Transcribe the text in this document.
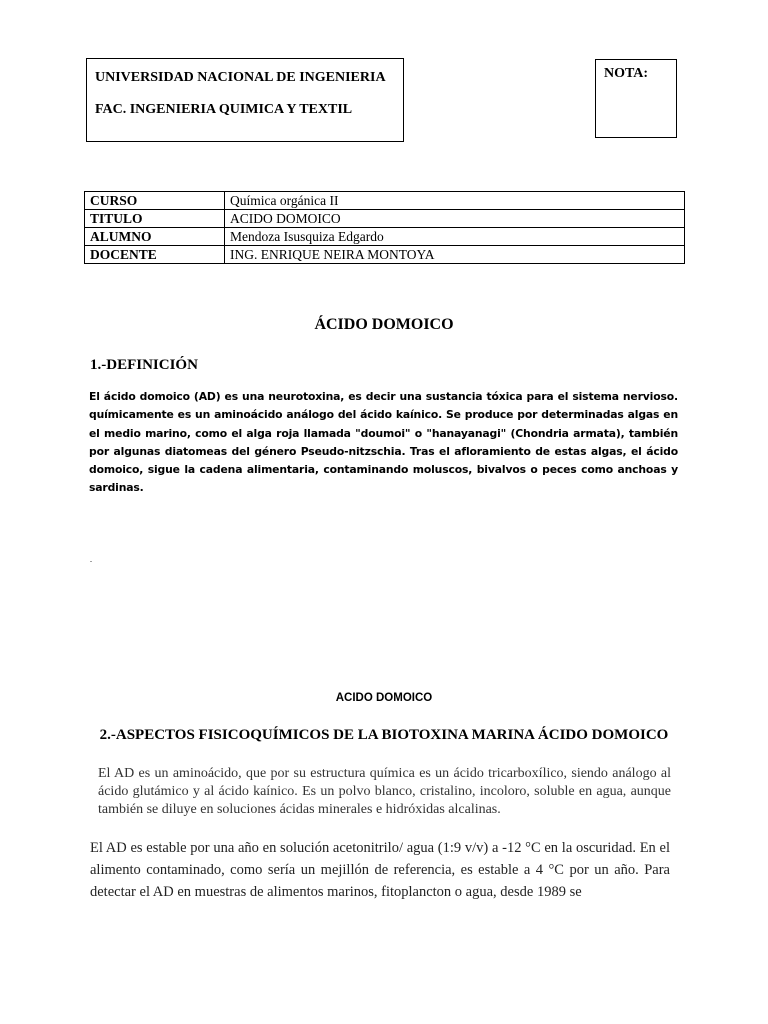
UNIVERSIDAD NACIONAL DE INGENIERIA
FAC. INGENIERIA QUIMICA Y TEXTIL
NOTA:
CURSO	Química orgánica II
TITULO	ACIDO DOMOICO
ALUMNO	Mendoza Isusquiza Edgardo
DOCENTE	ING. ENRIQUE NEIRA MONTOYA
ÁCIDO DOMOICO
1.-DEFINICIÓN

El ácido domoico (AD) es una neurotoxina, es decir una sustancia tóxica para el sistema nervioso. químicamente es un aminoácido análogo del ácido kaínico. Se produce por determinadas algas en el medio marino, como el alga roja llamada "doumoi" o "hanayanagi" (Chondria armata), también por algunas diatomeas del género Pseudo-nitzschia. Tras el afloramiento de estas algas, el ácido domoico, sigue la cadena alimentaria, contaminando moluscos, bivalvos o peces como anchoas y sardinas.

.
ACIDO DOMOICO
2.-ASPECTOS FISICOQUÍMICOS DE LA BIOTOXINA MARINA ÁCIDO DOMOICO

El AD es un aminoácido, que por su estructura química es un ácido tricarboxílico, siendo análogo al ácido glutámico y al ácido kaínico. Es un polvo blanco, cristalino, incoloro, soluble en agua, aunque también se diluye en soluciones ácidas minerales e hidróxidas alcalinas.

El AD es estable por una año en solución acetonitrilo/ agua (1:9 v/v) a -12 °C en la oscuridad. En el alimento contaminado, como sería un mejillón de referencia, es estable a 4 °C por un año. Para detectar el AD en muestras de alimentos marinos, fitoplancton o agua, desde 1989 se
